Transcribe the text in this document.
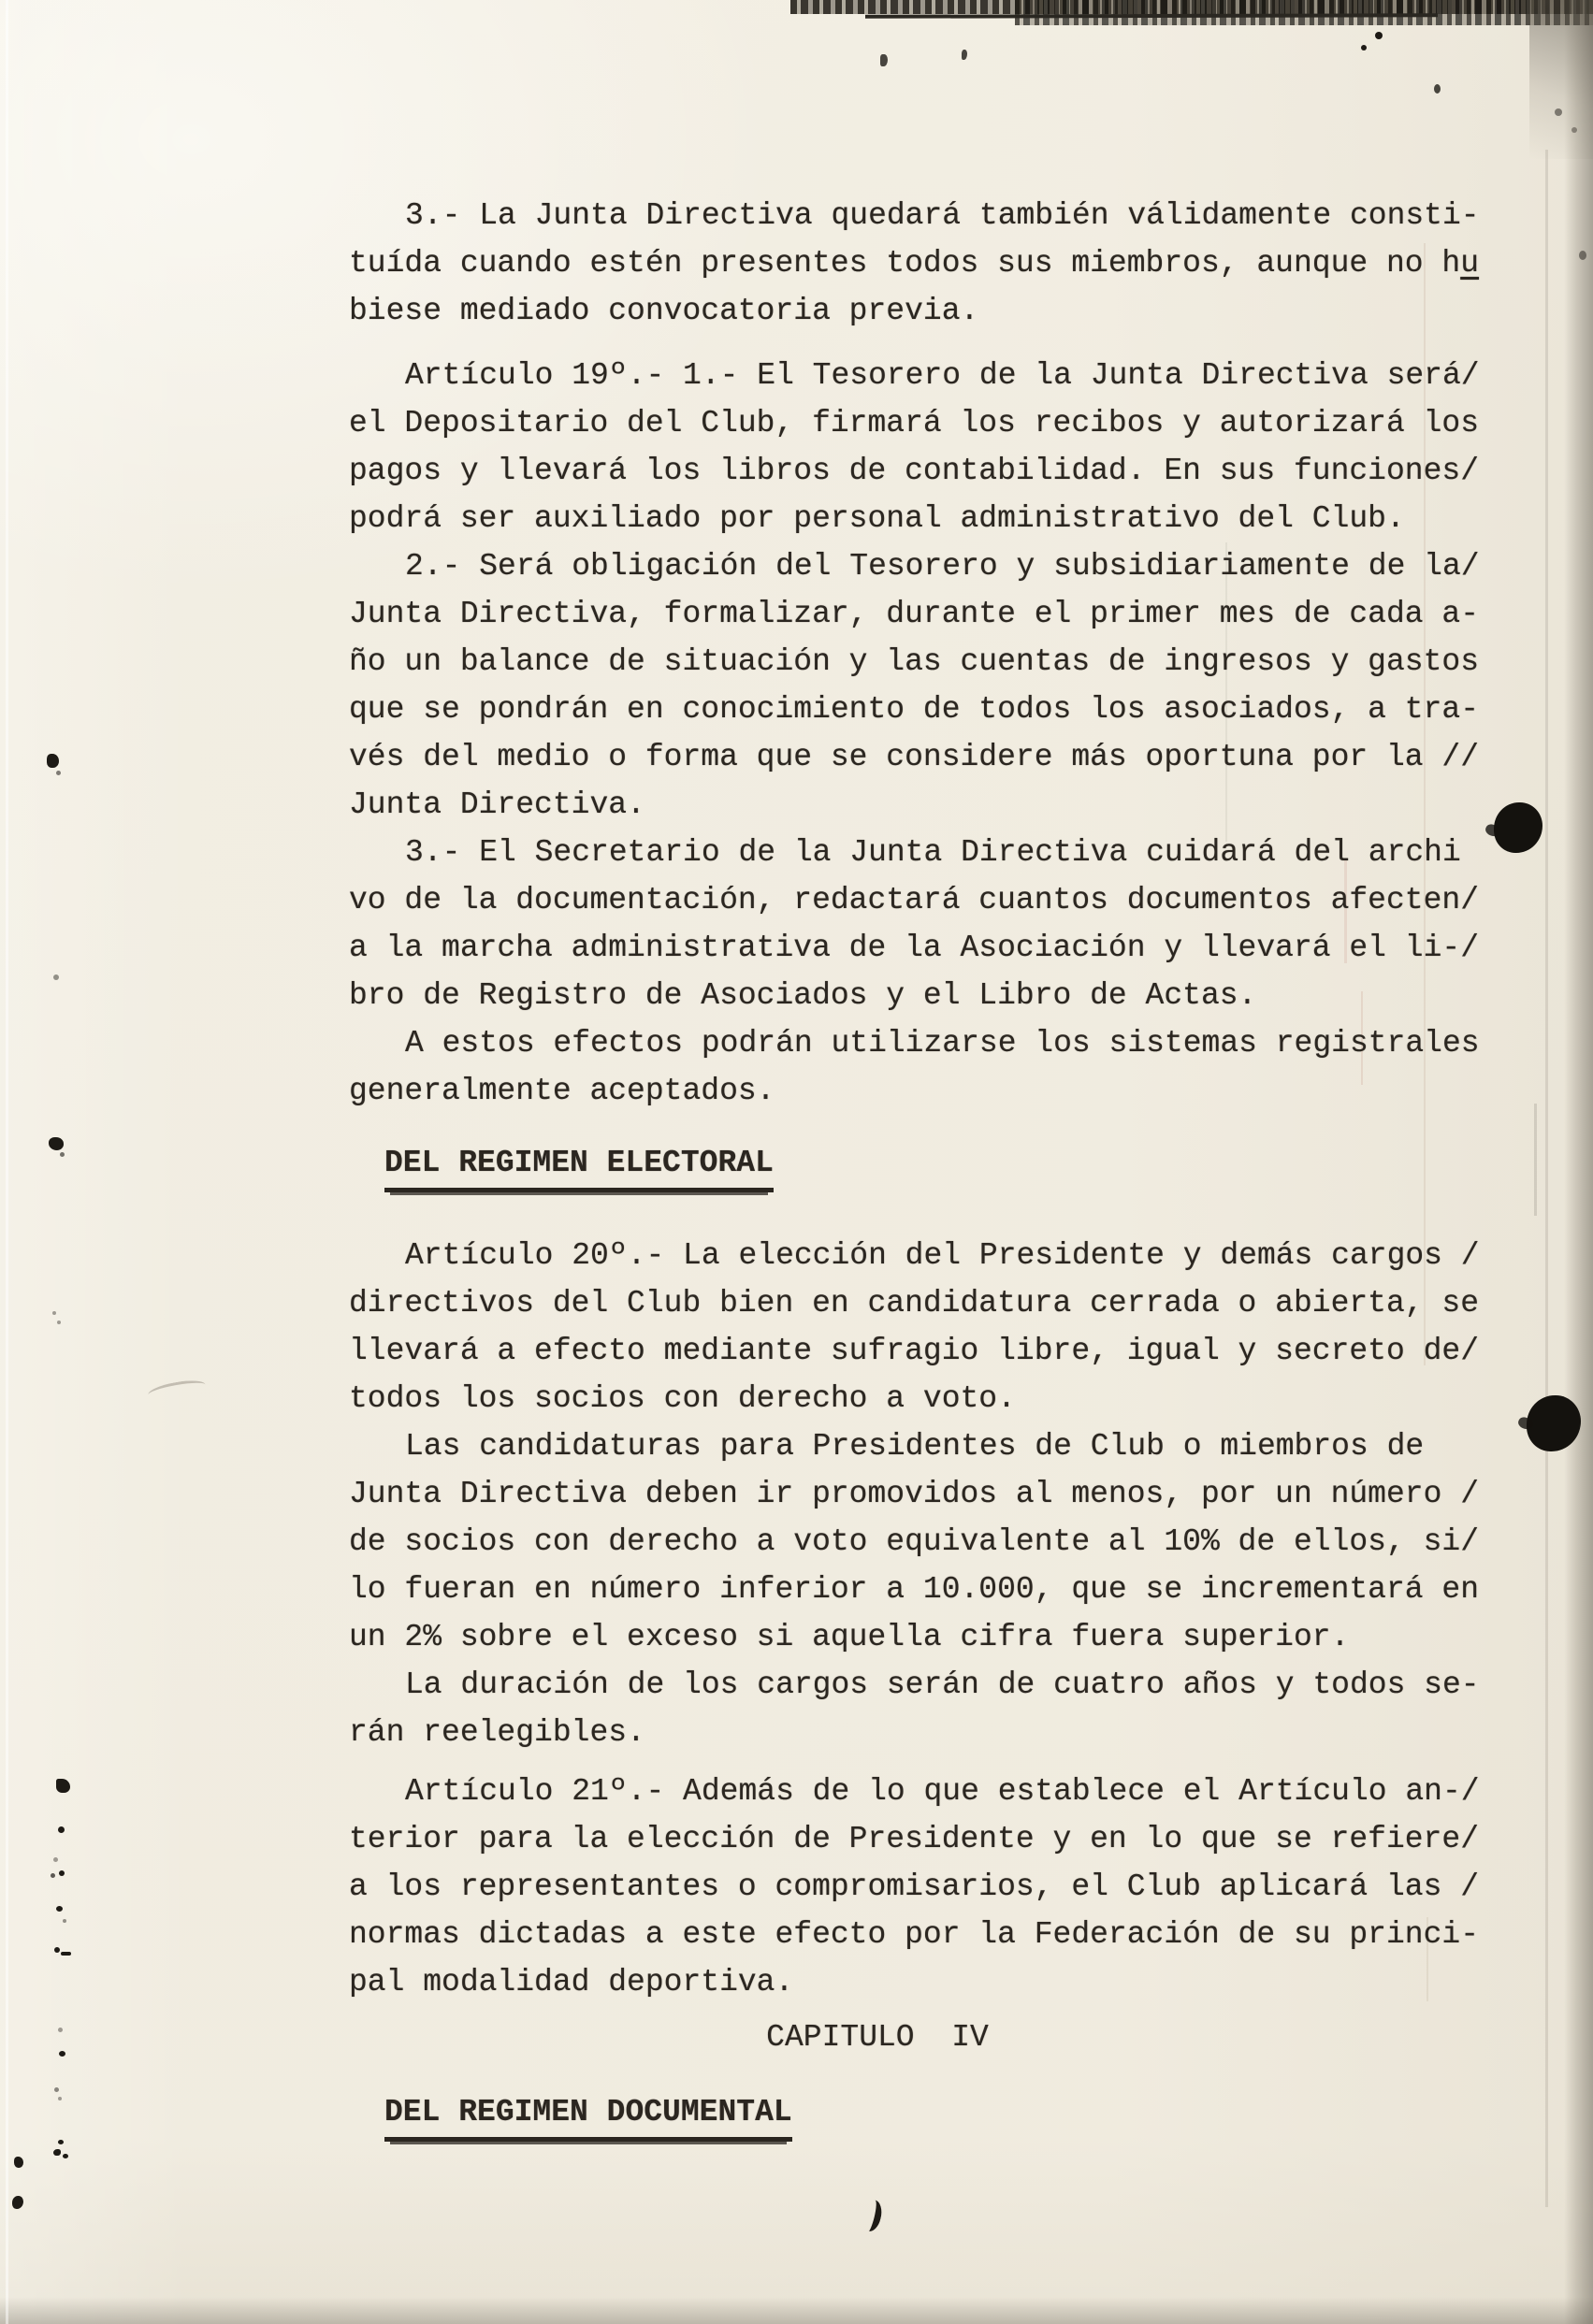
3.- La Junta Directiva quedará también válidamente consti-
tuída cuando estén presentes todos sus miembros, aunque no hu
biese mediado convocatoria previa.
Artículo 19º.- 1.- El Tesorero de la Junta Directiva será/
el Depositario del Club, firmará los recibos y autorizará los
pagos y llevará los libros de contabilidad. En sus funciones/
podrá ser auxiliado por personal administrativo del Club.
2.- Será obligación del Tesorero y subsidiariamente de la/
Junta Directiva, formalizar, durante el primer mes de cada a-
ño un balance de situación y las cuentas de ingresos y gastos
que se pondrán en conocimiento de todos los asociados, a tra-
vés del medio o forma que se considere más oportuna por la //
Junta Directiva.
3.- El Secretario de la Junta Directiva cuidará del archi
vo de la documentación, redactará cuantos documentos afecten/
a la marcha administrativa de la Asociación y llevará el li-/
bro de Registro de Asociados y el Libro de Actas.
A estos efectos podrán utilizarse los sistemas registrales
generalmente aceptados.
DEL REGIMEN ELECTORAL
Artículo 20º.- La elección del Presidente y demás cargos /
directivos del Club bien en candidatura cerrada o abierta, se
llevará a efecto mediante sufragio libre, igual y secreto de/
todos los socios con derecho a voto.
Las candidaturas para Presidentes de Club o miembros de
Junta Directiva deben ir promovidos al menos, por un número /
de socios con derecho a voto equivalente al 10% de ellos, si/
lo fueran en número inferior a 10.000, que se incrementará en
un 2% sobre el exceso si aquella cifra fuera superior.
La duración de los cargos serán de cuatro años y todos se-
rán reelegibles.
Artículo 21º.- Además de lo que establece el Artículo an-/
terior para la elección de Presidente y en lo que se refiere/
a los representantes o compromisarios, el Club aplicará las /
normas dictadas a este efecto por la Federación de su princi-
pal modalidad deportiva.
CAPITULO  IV
DEL REGIMEN DOCUMENTAL
